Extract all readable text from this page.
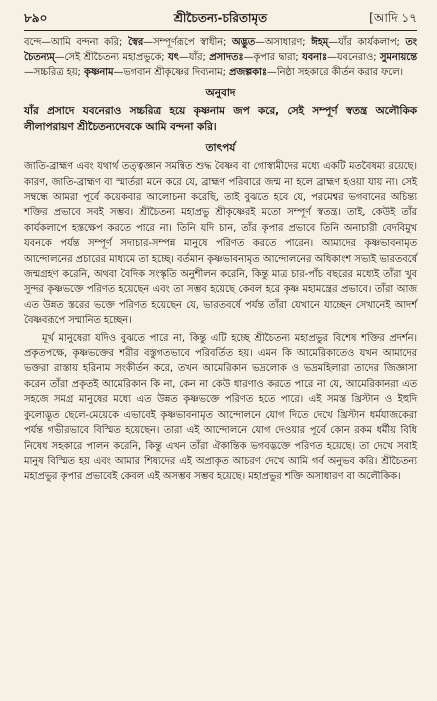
৮৯০	শ্রীচৈতন্য-চরিতামৃত	[আদি ১৭

বন্দে—আমি বন্দনা করি; স্বৈর—সম্পূর্ণরূপে স্বাধীন; অদ্ভুত—অসাধারণ; ঈহম্‌—যাঁর কার্যকলাপ; তং চৈতন্যম্‌—সেই শ্রীচৈতন্য মহাপ্রভুকে; যৎ—যাঁর; প্রসাদতঃ—কৃপার দ্বারা; যবনাঃ—যবনেরাও; সুমনায়ন্তে—সচ্চরিত্র হয়; কৃষ্ণনাম—ভগবান শ্রীকৃষ্ণের দিব্যনাম; প্রজল্পকাঃ—নিষ্ঠা সহকারে কীর্তন করার ফলে।

অনুবাদ

যাঁর প্রসাদে যবনেরাও সচ্চরিত্র হয়ে কৃষ্ণনাম জপ করে, সেই সম্পূর্ণ স্বতন্ত্র অলৌকিক লীলাপরায়ণ শ্রীচৈতন্যদেবকে আমি বন্দনা করি।

তাৎপর্য

জাতি-ব্রাহ্মণ এবং যথার্থ তত্ত্বজ্ঞান সমন্বিত শুদ্ধ বৈষ্ণব বা গোস্বামীদের মধ্যে একটি মতবৈষম্য রয়েছে। কারণ, জাতি-ব্রাহ্মণ বা স্মার্তরা মনে করে যে, ব্রাহ্মণ পরিবারে জন্ম না হলে ব্রাহ্মণ হওয়া যায় না। সেই সম্বন্ধে আমরা পূর্বে কয়েকবার আলোচনা করেছি, তাই বুঝতে হবে যে, পরমেশ্বর ভগবানের অচিন্ত্য শক্তির প্রভাবে সবই সম্ভব। শ্রীচৈতন্য মহাপ্রভু শ্রীকৃষ্ণেরই মতো সম্পূর্ণ স্বতন্ত্র। তাই, কেউই তাঁর কার্যকলাপে হস্তক্ষেপ করতে পারে না। তিনি যদি চান, তাঁর কৃপার প্রভাবে তিনি অনাচারী বেদবিমুখ যবনকে পর্যন্ত সম্পূর্ণ সদাচার-সম্পন্ন মানুষে পরিণত করতে পারেন। আমাদের কৃষ্ণভাবনামৃত আন্দোলনের প্রচারের মাধ্যমে তা হচ্ছে। বর্তমান কৃষ্ণভাবনামৃত আন্দোলনের অধিকাংশ সভ্যই ভারতবর্ষে জন্মগ্রহণ করেনি, অথবা বৈদিক সংস্কৃতি অনুশীলন করেনি, কিন্তু মাত্র চার-পাঁচ বছরের মধ্যেই তাঁরা খুব সুন্দর কৃষ্ণভক্তে পরিণত হয়েছেন এবং তা সম্ভব হয়েছে কেবল হরে কৃষ্ণ মহামন্ত্রের প্রভাবে। তাঁরা আজ এত উন্নত স্তরের ভক্তে পরিণত হয়েছেন যে, ভারতবর্ষে পর্যন্ত তাঁরা যেখানে যাচ্ছেন সেখানেই আদর্শ বৈষ্ণবরূপে সম্মানিত হচ্ছেন।

মূর্খ মানুষেরা যদিও বুঝতে পারে না, কিন্তু এটি হচ্ছে শ্রীচৈতন্য মহাপ্রভুর বিশেষ শক্তির প্রদর্শন। প্রকৃতপক্ষে, কৃষ্ণভক্তের শরীর বস্তুগতভাবে পরিবর্তিত হয়। এমন কি আমেরিকাতেও যখন আমাদের ভক্তরা রাস্তায় হরিনাম সংকীর্তন করে, তখন আমেরিকান ভদ্রলোক ও ভদ্রমহিলারা তাদের জিজ্ঞাসা করেন তাঁরা প্রকৃতই আমেরিকান কি না, কেন না কেউ ধারণাও করতে পারে না যে, আমেরিকানরা এত সহজে সমগ্র মানুষের মধ্যে এত উন্নত কৃষ্ণভক্তে পরিণত হতে পারে। এই সমস্ত খ্রিস্টান ও ইহুদি কুলোদ্ভূত ছেলে-মেয়েকে এভাবেই কৃষ্ণভাবনামৃত আন্দোলনে যোগ দিতে দেখে খ্রিস্টান ধর্মযাজকেরা পর্যন্ত গভীরভাবে বিস্মিত হয়েছেন। তারা এই আন্দোলনে যোগ দেওয়ার পূর্বে কোন রকম ধর্মীয় বিধি নিষেধ সহকারে পালন করেনি, কিন্তু এখন তাঁরা ঐকান্তিক ভগবদ্ভক্তে পরিণত হয়েছে। তা দেখে সবাই মানুষ বিস্মিত হয় এবং আমার শিষ্যদের এই অপ্রাকৃত আচরণ দেখে আমি গর্ব অনুভব করি। শ্রীচৈতন্য মহাপ্রভুর কৃপার প্রভাবেই কেবল এই অসম্ভব সম্ভব হয়েছে। মহাপ্রভুর শক্তি অসাধারণ বা অলৌকিক।
